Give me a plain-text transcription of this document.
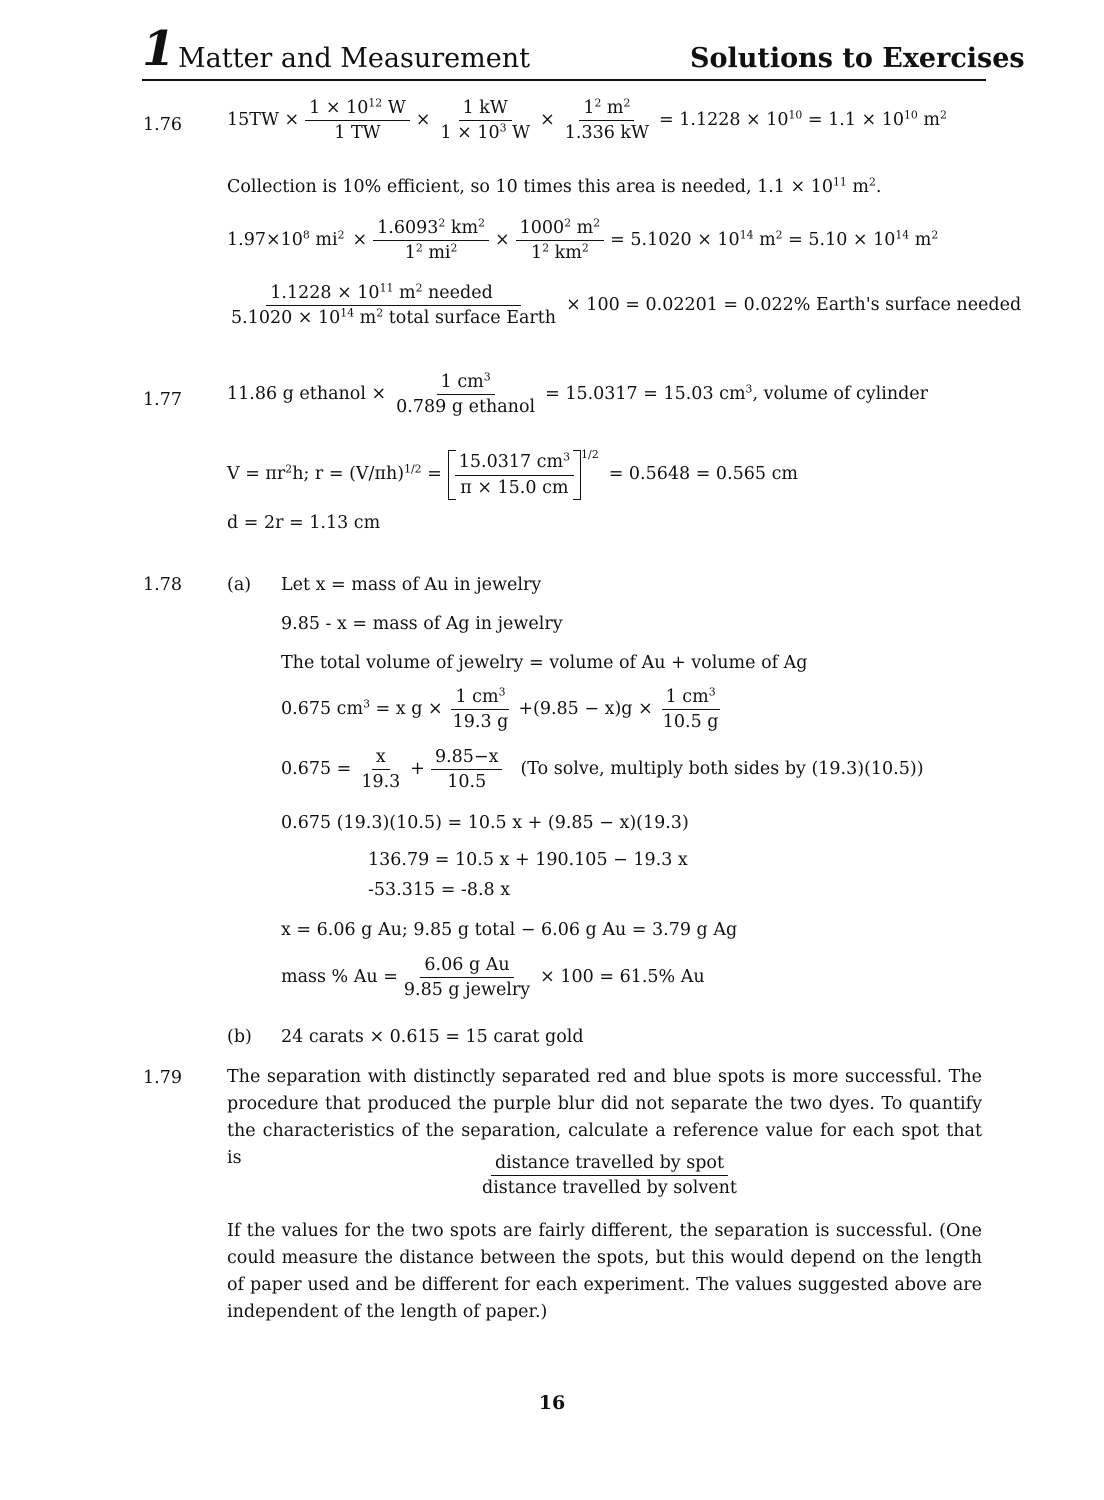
1 Matter and Measurement	Solutions to Exercises
1.76	$15TW \times \frac{1 \times 10^{12} W}{1 TW} \times \frac{1 kW}{1 \times 10^3 W} \times \frac{1^2 m^2}{1.336 kW} = 1.1228 \times 10^{10} = 1.1 \times 10^{10}$ $m^2$
Collection is 10% efficient, so 10 times this area is needed, $1.1 \times 10^{11}$ $m^2$.
$1.97\times 10^8$ $mi^2 \times \frac{1.6093^2 km^2}{1^2 mi^2} \times \frac{1000^2 m^2}{1^2 km^2} = 5.1020 \times 10^{14}$ $m^2 = 5.10 \times 10^{14}$ $m^2$
$\frac{1.1228 \times 10^{11} m^2 needed}{5.1020 \times 10^{14} m^2 total surface Earth} \times 100 = 0.02201 = 0.022\%$ Earth's surface needed
1.77	11.86 g ethanol × $\frac{1 cm^3}{\text{0.789 g ethanol}} = 15.0317 = 15.03$ $cm^3$, volume of cylinder
$V = \pi r^2h$; $r = (V/\pi h)^{1/2} = \frac{15.0317 cm^3}{\pi \times 15.0 cm} 1/2$
= 0.5648 = 0.565 cm
d = 2r = 1.13 cm
1.78	(a) Let x = mass of Au in jewelry
9.85 - x = mass of Ag in jewelry
The total volume of jewelry = volume of Au + volume of Ag
0.675 $cm^3 = x$ $g \times \frac{1 cm^3}{19.3 g} +(9.85 - x)g \times \frac{1 cm^3}{10.5 g}$
$0.675 = \frac{x}{19.3} + \frac{9.85-x}{10.5} (To$ solve, multiply both sides by (19.3)(10.5))
0.675 (19.3)(10.5) = 10.5 x + (9.85 − x)(19.3)
136.79 = 10.5 x + 190.105 − 19.3 x
-53.315 = -8.8 x
x = 6.06 g Au; 9.85 g total − 6.06 g Au = 3.79 g Ag
mass % $Au = \frac{\text{6.06 g Au}}{\text{9.85 g jewelry}} \times 100 = 61.5\%$ Au
(b) 24 carats × 0.615 = 15 carat gold
1.79	The separation with distinctly separated red and blue spots is more successful. The procedure that produced the purple blur did not separate the two dyes. To quantify the characteristics of the separation, calculate a reference value for each spot that is	$\frac{\text{distance travelled by spot}}{\text{distance travelled by solvent}}$
If the values for the two spots are fairly different, the separation is successful. (One could measure the distance between the spots, but this would depend on the length of paper used and be different for each experiment. The values suggested above are independent of the length of paper.)
16
